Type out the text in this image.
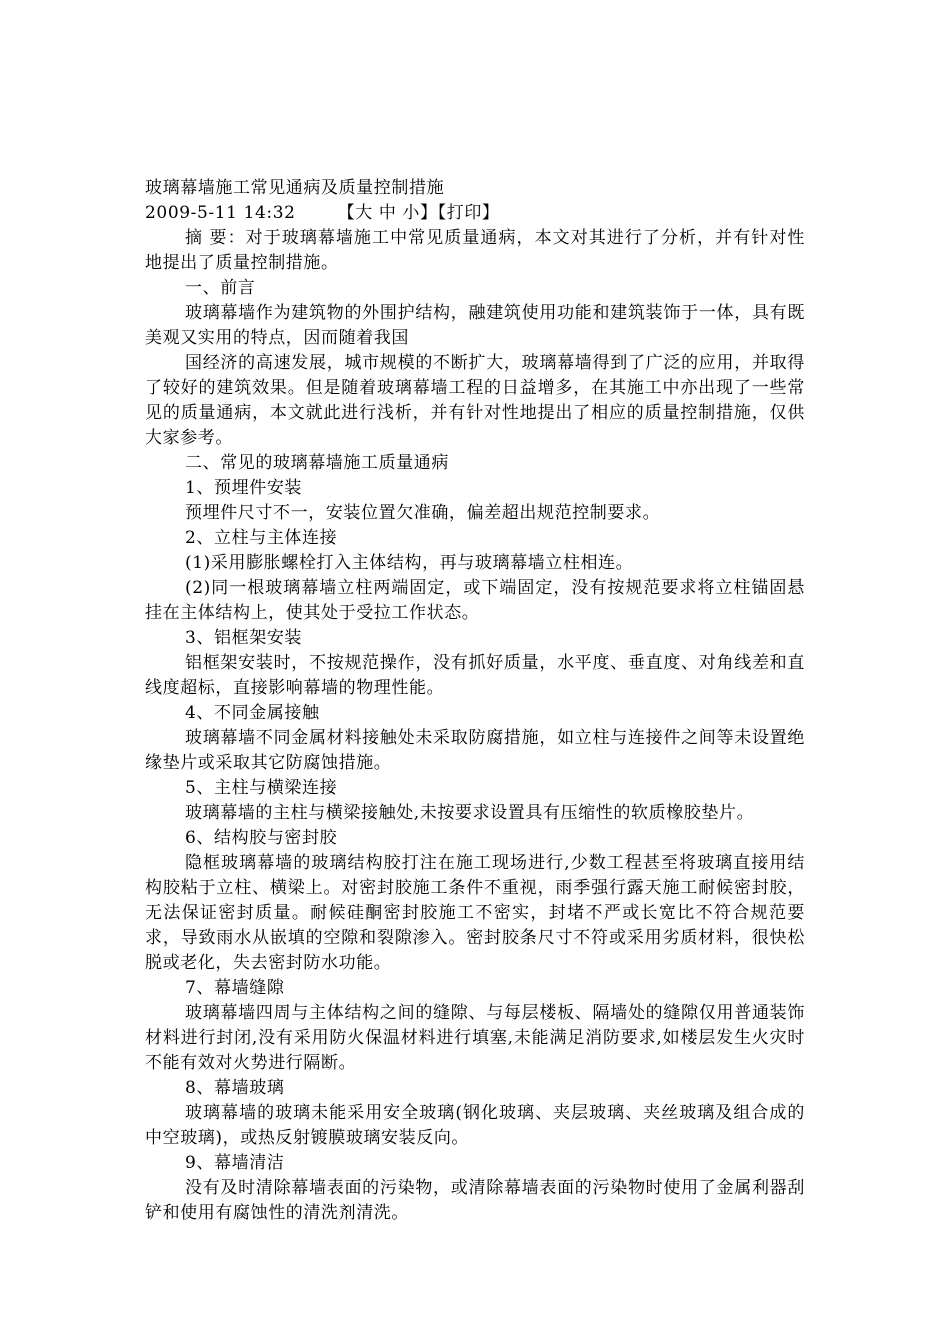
玻璃幕墙施工常见通病及质量控制措施
2009-5-11 14:32 【大 中 小】【打印】
摘 要：对于玻璃幕墙施工中常见质量通病，本文对其进行了分析，并有针对性地提出了质量控制措施。
一、前言
玻璃幕墙作为建筑物的外围护结构，融建筑使用功能和建筑装饰于一体，具有既美观又实用的特点，因而随着我国
国经济的高速发展，城市规模的不断扩大，玻璃幕墙得到了广泛的应用，并取得了较好的建筑效果。但是随着玻璃幕墙工程的日益增多，在其施工中亦出现了一些常见的质量通病，本文就此进行浅析，并有针对性地提出了相应的质量控制措施，仅供大家参考。
二、常见的玻璃幕墙施工质量通病
1、预埋件安装
预埋件尺寸不一，安装位置欠准确，偏差超出规范控制要求。
2、立柱与主体连接
(1)采用膨胀螺栓打入主体结构，再与玻璃幕墙立柱相连。
(2)同一根玻璃幕墙立柱两端固定，或下端固定，没有按规范要求将立柱锚固悬挂在主体结构上，使其处于受拉工作状态。
3、铝框架安装
铝框架安装时，不按规范操作，没有抓好质量，水平度、垂直度、对角线差和直线度超标，直接影响幕墙的物理性能。
4、不同金属接触
玻璃幕墙不同金属材料接触处未采取防腐措施，如立柱与连接件之间等未设置绝缘垫片或采取其它防腐蚀措施。
5、主柱与横梁连接
玻璃幕墙的主柱与横梁接触处,未按要求设置具有压缩性的软质橡胶垫片。
6、结构胶与密封胶
隐框玻璃幕墙的玻璃结构胶打注在施工现场进行,少数工程甚至将玻璃直接用结构胶粘于立柱、横梁上。对密封胶施工条件不重视，雨季强行露天施工耐候密封胶，无法保证密封质量。耐候硅酮密封胶施工不密实，封堵不严或长宽比不符合规范要求，导致雨水从嵌填的空隙和裂隙渗入。密封胶条尺寸不符或采用劣质材料，很快松脱或老化，失去密封防水功能。
7、幕墙缝隙
玻璃幕墙四周与主体结构之间的缝隙、与每层楼板、隔墙处的缝隙仅用普通装饰材料进行封闭,没有采用防火保温材料进行填塞,未能满足消防要求,如楼层发生火灾时不能有效对火势进行隔断。
8、幕墙玻璃
玻璃幕墙的玻璃未能采用安全玻璃(钢化玻璃、夹层玻璃、夹丝玻璃及组合成的中空玻璃)，或热反射镀膜玻璃安装反向。
9、幕墙清洁
没有及时清除幕墙表面的污染物，或清除幕墙表面的污染物时使用了金属利器刮铲和使用有腐蚀性的清洗剂清洗。
